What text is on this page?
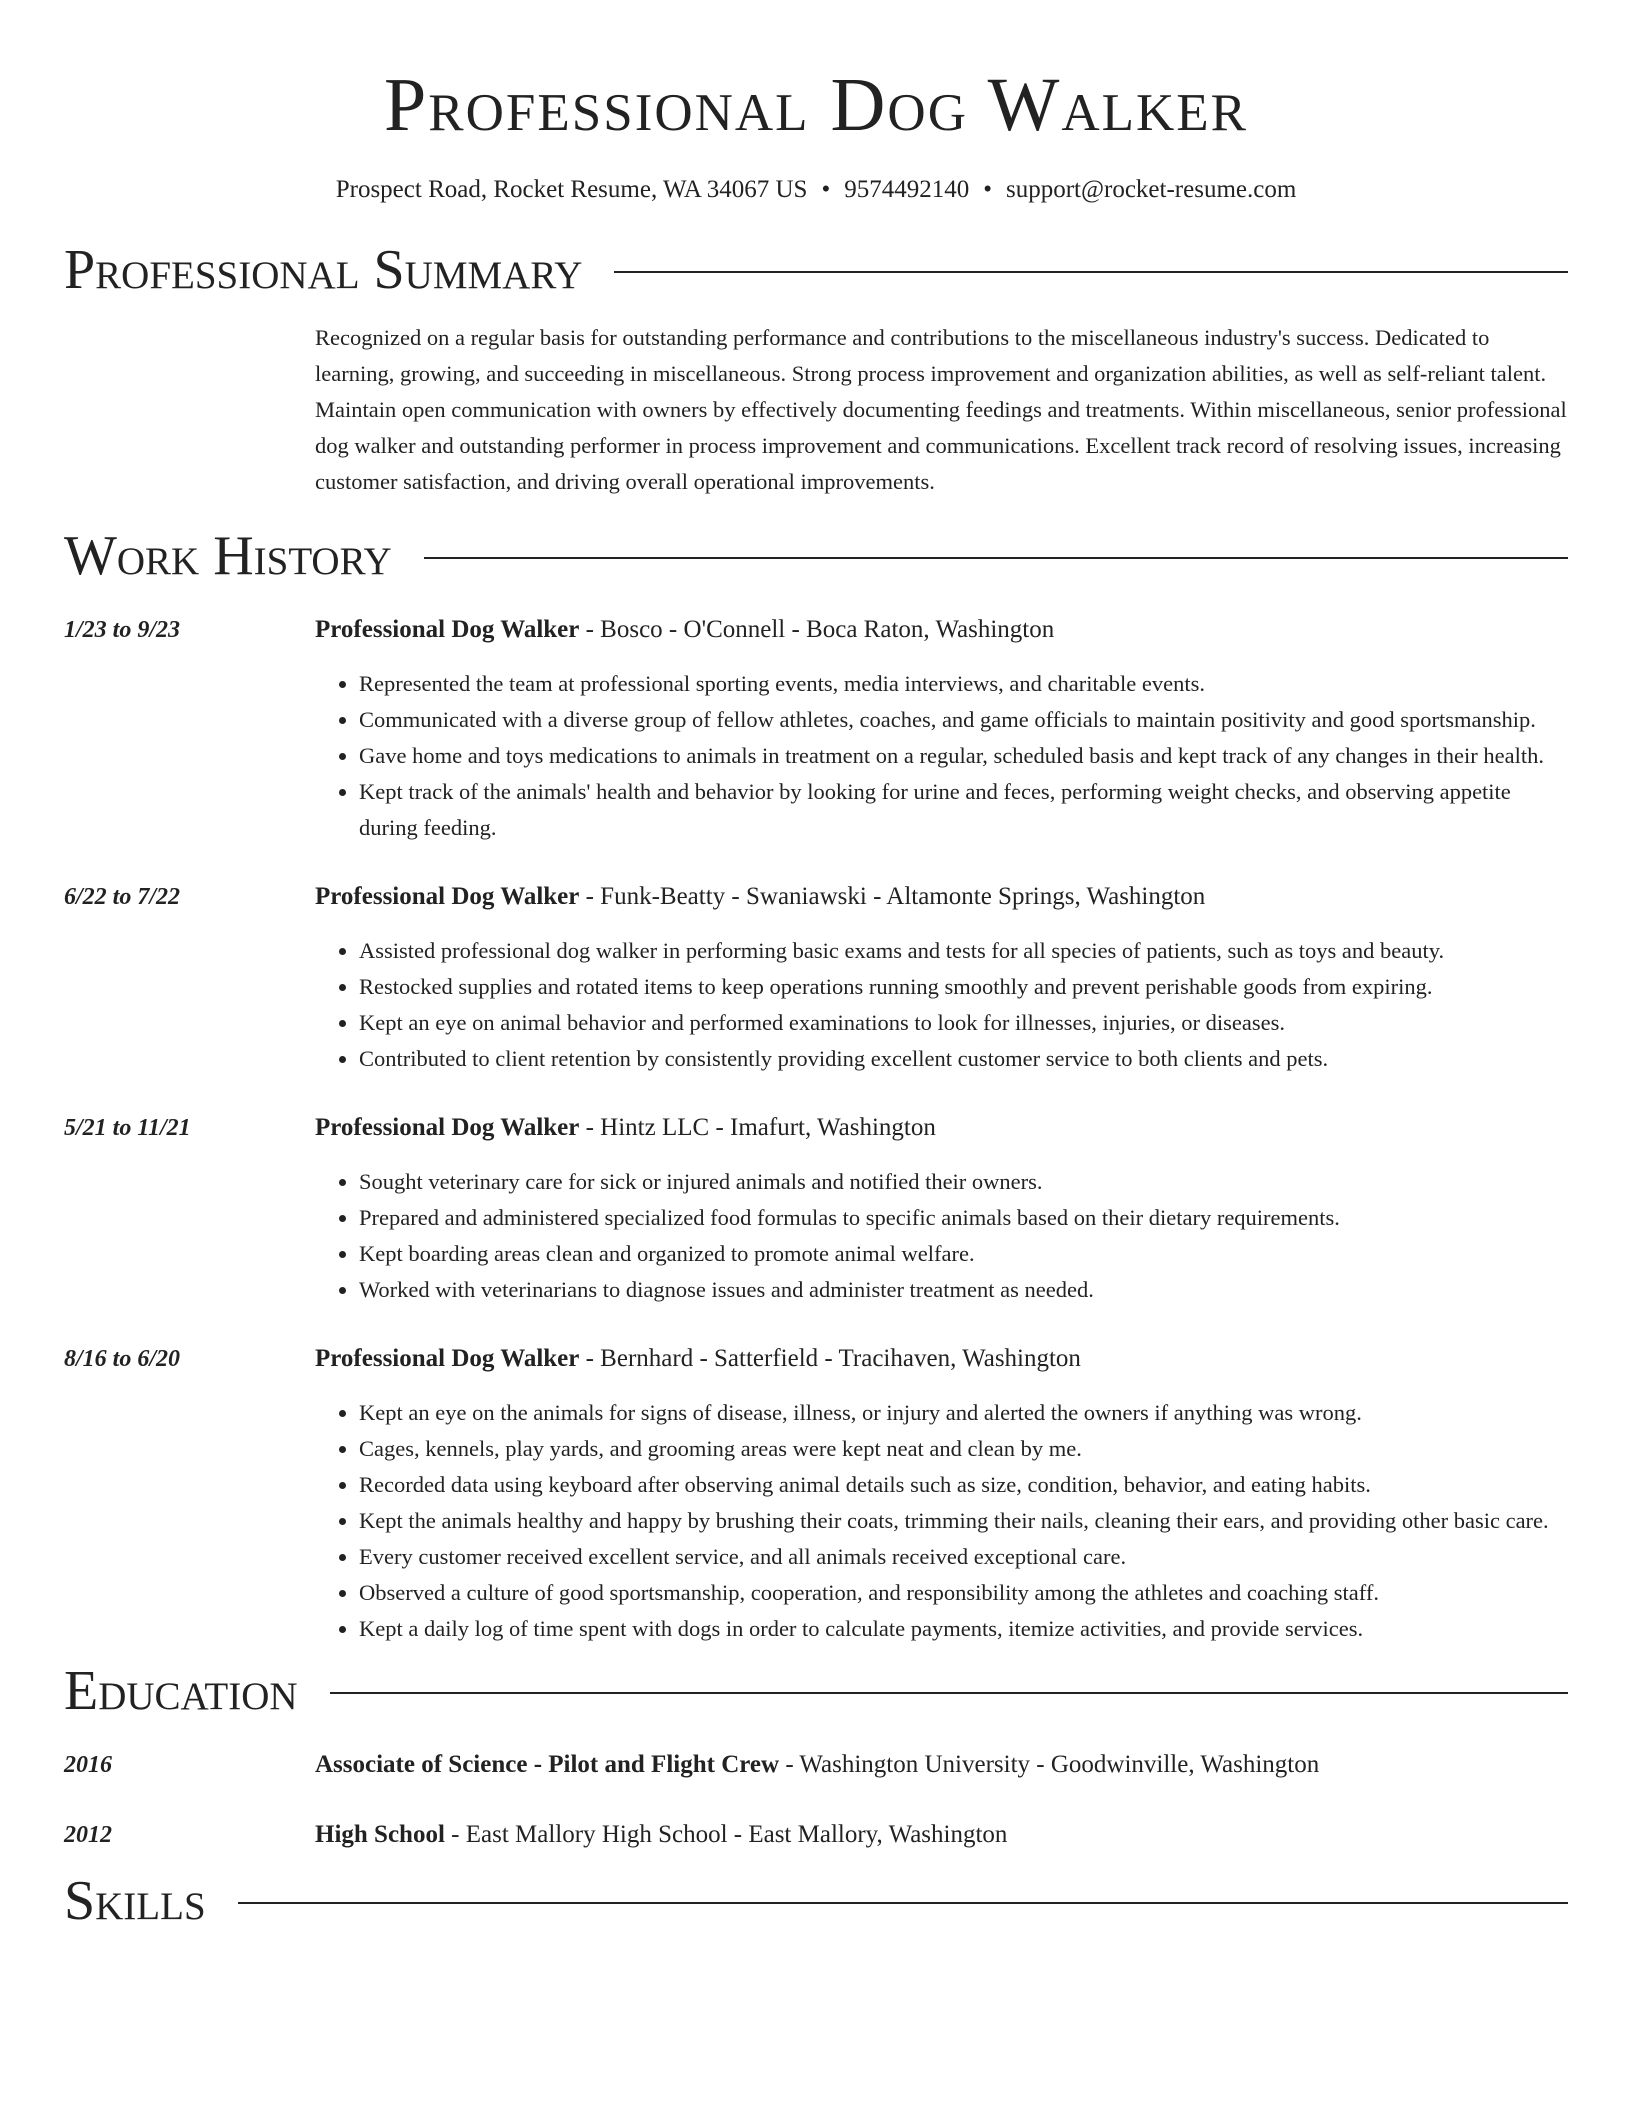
Professional Dog Walker
Prospect Road, Rocket Resume, WA 34067 US • 9574492140 • support@rocket-resume.com
Professional Summary
Recognized on a regular basis for outstanding performance and contributions to the miscellaneous industry's success. Dedicated to learning, growing, and succeeding in miscellaneous. Strong process improvement and organization abilities, as well as self-reliant talent. Maintain open communication with owners by effectively documenting feedings and treatments. Within miscellaneous, senior professional dog walker and outstanding performer in process improvement and communications. Excellent track record of resolving issues, increasing customer satisfaction, and driving overall operational improvements.
Work History
1/23 to 9/23	Professional Dog Walker - Bosco - O'Connell - Boca Raton, Washington
• Represented the team at professional sporting events, media interviews, and charitable events.
• Communicated with a diverse group of fellow athletes, coaches, and game officials to maintain positivity and good sportsmanship.
• Gave home and toys medications to animals in treatment on a regular, scheduled basis and kept track of any changes in their health.
• Kept track of the animals' health and behavior by looking for urine and feces, performing weight checks, and observing appetite during feeding.
6/22 to 7/22	Professional Dog Walker - Funk-Beatty - Swaniawski - Altamonte Springs, Washington
• Assisted professional dog walker in performing basic exams and tests for all species of patients, such as toys and beauty.
• Restocked supplies and rotated items to keep operations running smoothly and prevent perishable goods from expiring.
• Kept an eye on animal behavior and performed examinations to look for illnesses, injuries, or diseases.
• Contributed to client retention by consistently providing excellent customer service to both clients and pets.
5/21 to 11/21	Professional Dog Walker - Hintz LLC - Imafurt, Washington
• Sought veterinary care for sick or injured animals and notified their owners.
• Prepared and administered specialized food formulas to specific animals based on their dietary requirements.
• Kept boarding areas clean and organized to promote animal welfare.
• Worked with veterinarians to diagnose issues and administer treatment as needed.
8/16 to 6/20	Professional Dog Walker - Bernhard - Satterfield - Tracihaven, Washington
• Kept an eye on the animals for signs of disease, illness, or injury and alerted the owners if anything was wrong.
• Cages, kennels, play yards, and grooming areas were kept neat and clean by me.
• Recorded data using keyboard after observing animal details such as size, condition, behavior, and eating habits.
• Kept the animals healthy and happy by brushing their coats, trimming their nails, cleaning their ears, and providing other basic care.
• Every customer received excellent service, and all animals received exceptional care.
• Observed a culture of good sportsmanship, cooperation, and responsibility among the athletes and coaching staff.
• Kept a daily log of time spent with dogs in order to calculate payments, itemize activities, and provide services.
Education
2016	Associate of Science - Pilot and Flight Crew - Washington University - Goodwinville, Washington
2012	High School - East Mallory High School - East Mallory, Washington
Skills
